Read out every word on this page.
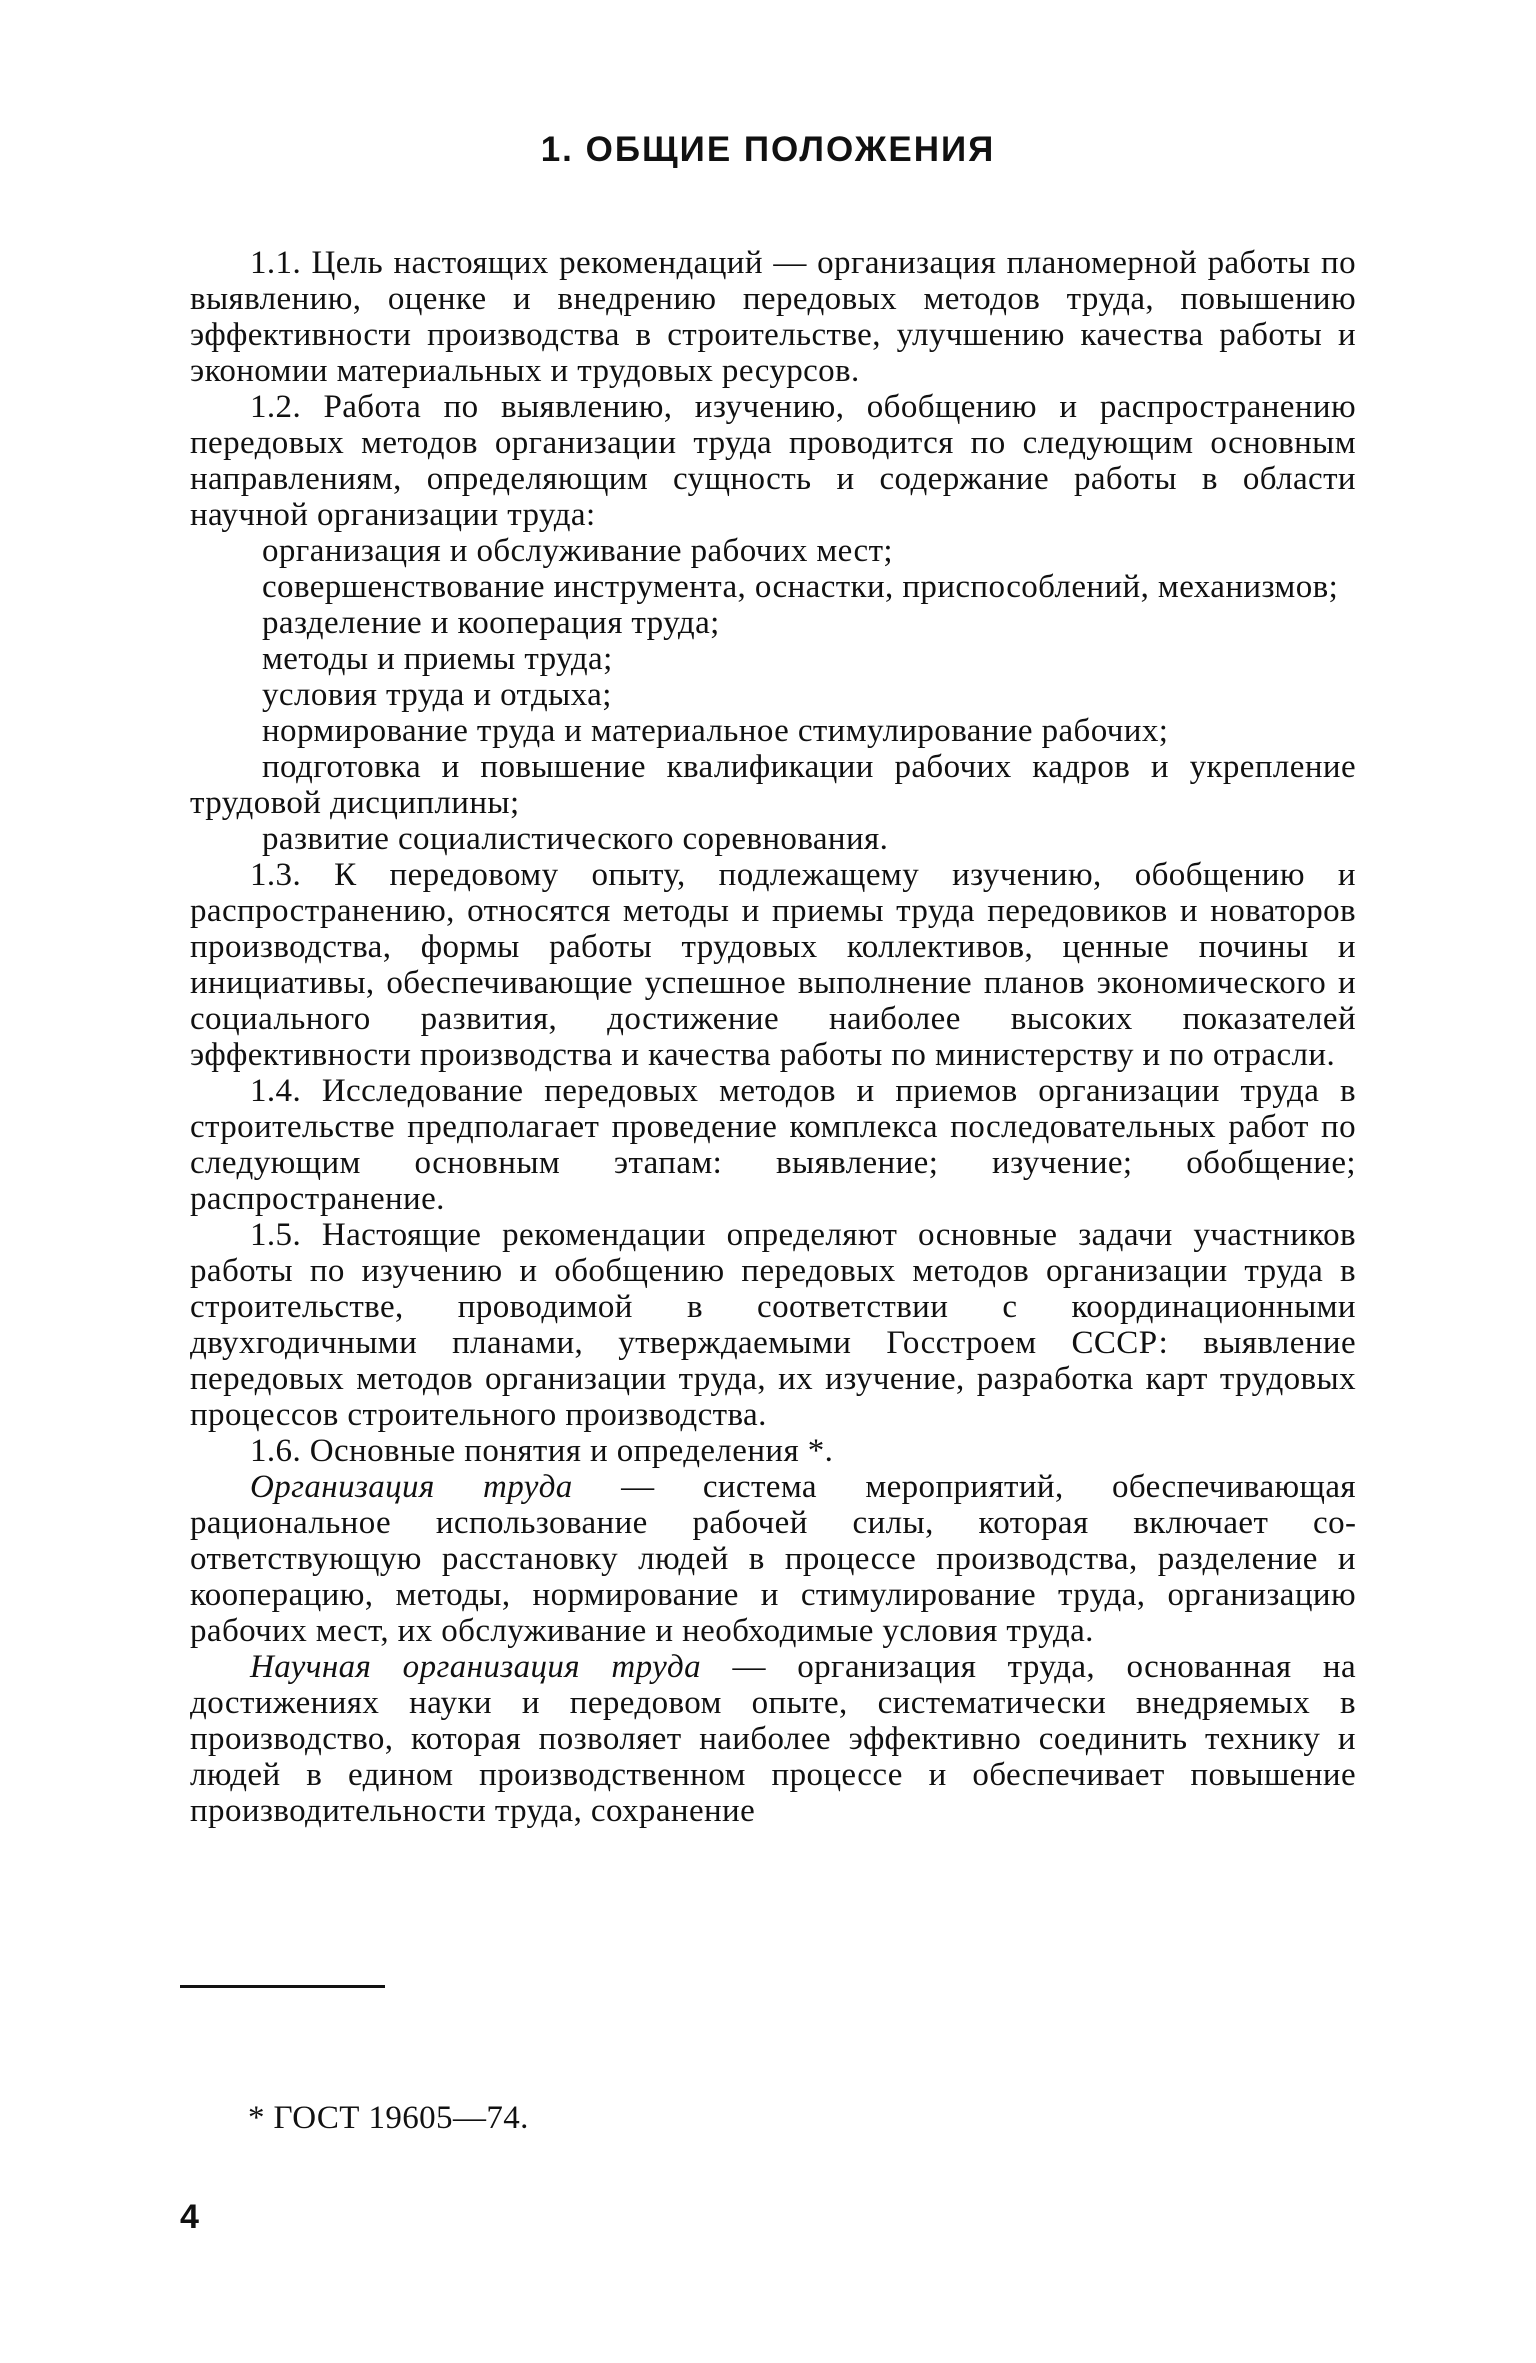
1. ОБЩИЕ ПОЛОЖЕНИЯ

1.1. Цель настоящих рекомендаций — организация планомерной работы по выявлению, оценке и внедрению передовых методов труда, повышению эффективности производства в строительстве, улучшению качества работы и экономии материальных и трудовых ресурсов.

1.2. Работа по выявлению, изучению, обобщению и распространению передовых методов организации труда проводится по следующим основным направлениям, определяющим сущность и содержание работы в области научной организации труда:

организация и обслуживание рабочих мест;

совершенствование инструмента, оснастки, приспособлений, механизмов;

разделение и кооперация труда;

методы и приемы труда;

условия труда и отдыха;

нормирование труда и материальное стимулирование рабочих;

подготовка и повышение квалификации рабочих кадров и укрепление трудовой дисциплины;

развитие социалистического соревнования.

1.3. К передовому опыту, подлежащему изучению, обобщению и распространению, относятся методы и приемы труда передовиков и новаторов производства, формы работы трудовых коллективов, ценные почины и инициативы, обеспечивающие успешное выполнение планов экономического и социального развития, достижение наиболее высоких показателей эффективности производства и качества работы по министерству и по отрасли.

1.4. Исследование передовых методов и приемов организации труда в строительстве предполагает проведение комплекса последовательных работ по следующим основным этапам: выявление; изучение; обобщение; распространение.

1.5. Настоящие рекомендации определяют основные задачи участников работы по изучению и обобщению передовых методов организации труда в строительстве, проводимой в соответствии с координационными двухгодичными планами, утверждаемыми Госстроем СССР: выявление передовых методов организации труда, их изучение, разработка карт трудовых процессов строительного производства.

1.6. Основные понятия и определения *.

Организация труда — система мероприятий, обеспечивающая рациональное использование рабочей силы, которая включает соответствующую расстановку людей в процессе производства, разделение и кооперацию, методы, нормирование и стимулирование труда, организацию рабочих мест, их обслуживание и необходимые условия труда.

Научная организация труда — организация труда, основанная на достижениях науки и передовом опыте, систематически внедряемых в производство, которая позволяет наиболее эффективно соединить технику и людей в едином производственном процессе и обеспечивает повышение производительности труда, сохранение

* ГОСТ 19605—74.
4
